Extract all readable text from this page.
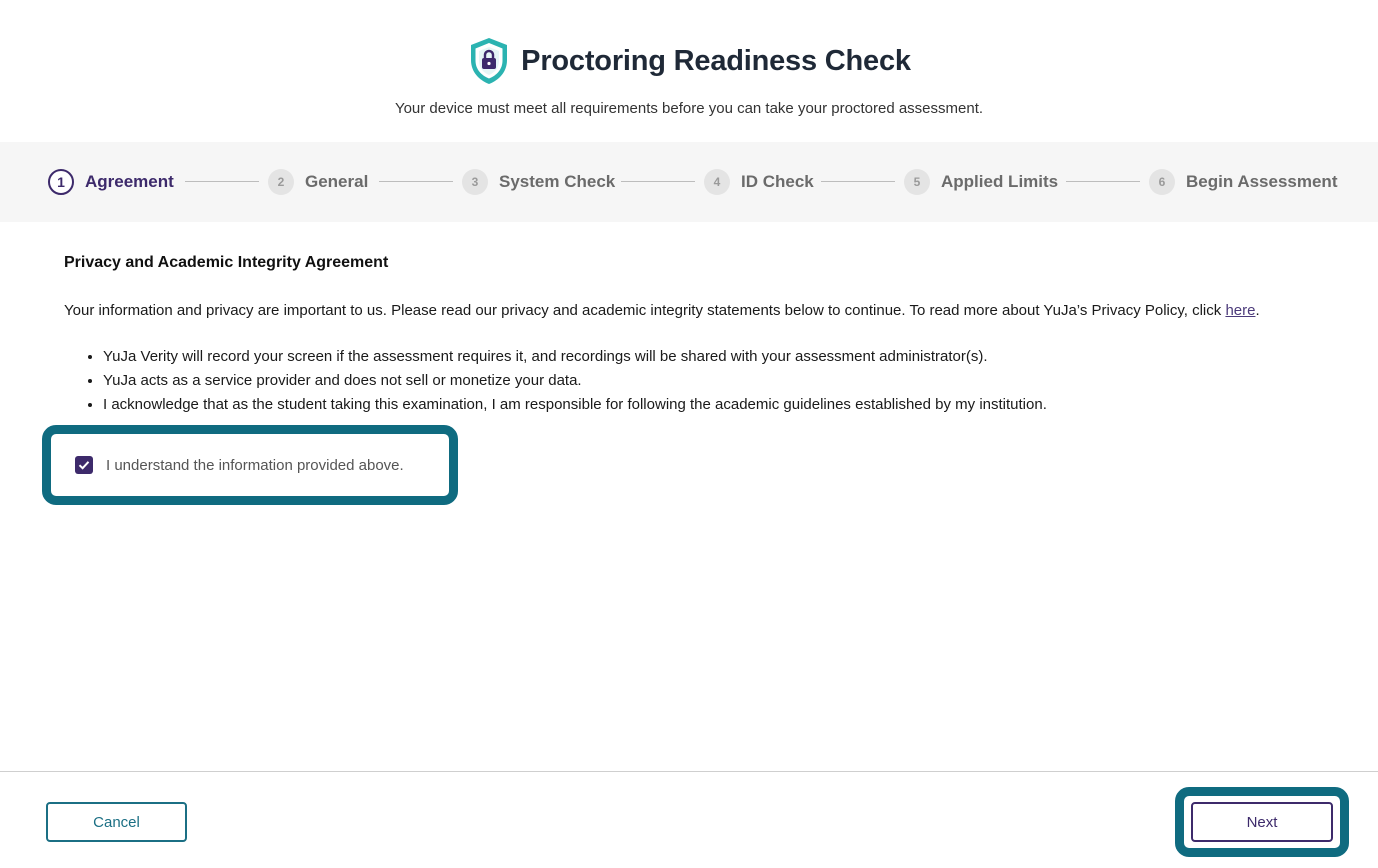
Proctoring Readiness Check
Your device must meet all requirements before you can take your proctored assessment.
1	Agreement	2	General	3	System Check	4	ID Check	5	Applied Limits	6	Begin Assessment
Privacy and Academic Integrity Agreement
Your information and privacy are important to us. Please read our privacy and academic integrity statements below to continue. To read more about YuJa’s Privacy Policy, click here.
• YuJa Verity will record your screen if the assessment requires it, and recordings will be shared with your assessment administrator(s).
• YuJa acts as a service provider and does not sell or monetize your data.
• I acknowledge that as the student taking this examination, I am responsible for following the academic guidelines established by my institution.
I understand the information provided above.
Cancel	Next
